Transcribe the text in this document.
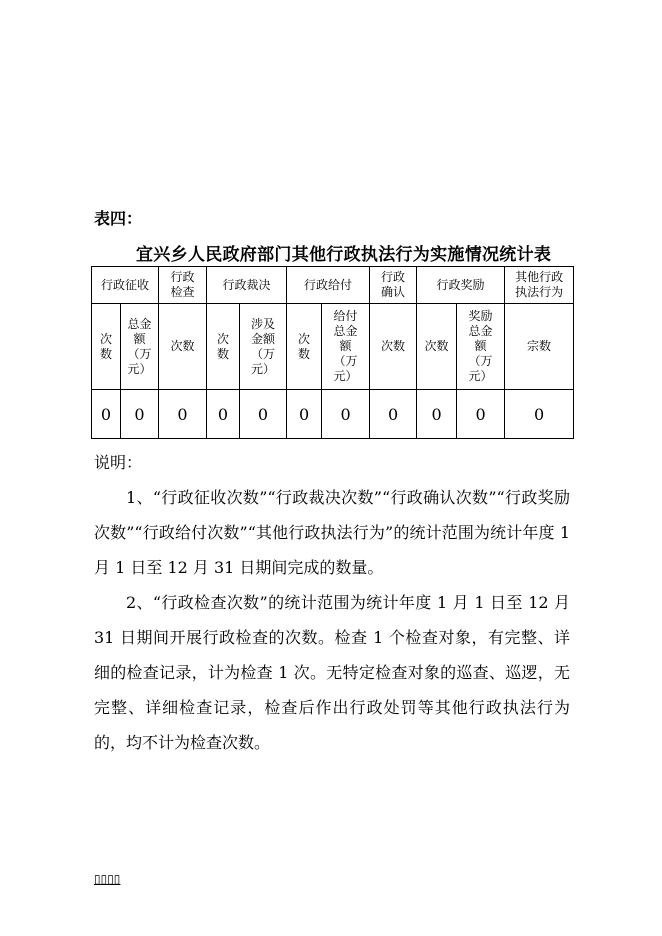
表四：
宜兴乡人民政府部门其他行政执法行为实施情况统计表
行政征收		行政检查	行政裁决		行政给付		行政确认	行政奖励		其他行政执法行为

次数	总金额（万元）	次数	次数	涉及金额（万元）	次数	给付总金额（万元）	次数	次数	奖励总金额（万元）	宗数
0	0	0	0	0	0	0	0	0	0	0
说明：
1、“行政征收次数”“行政裁决次数”“行政确认次数”“行政奖励次数”“行政给付次数”“其他行政执法行为”的统计范围为统计年度 1 月 1 日至 12 月 31 日期间完成的数量。
2、“行政检查次数”的统计范围为统计年度 1 月 1 日至 12 月 31 日期间开展行政检查的次数。检查 1 个检查对象，有完整、详细的检查记录，计为检查 1 次。无特定检查对象的巡查、巡逻，无完整、详细检查记录，检查后作出行政处罚等其他行政执法行为的，均不计为检查次数。
▯▯▯▯
